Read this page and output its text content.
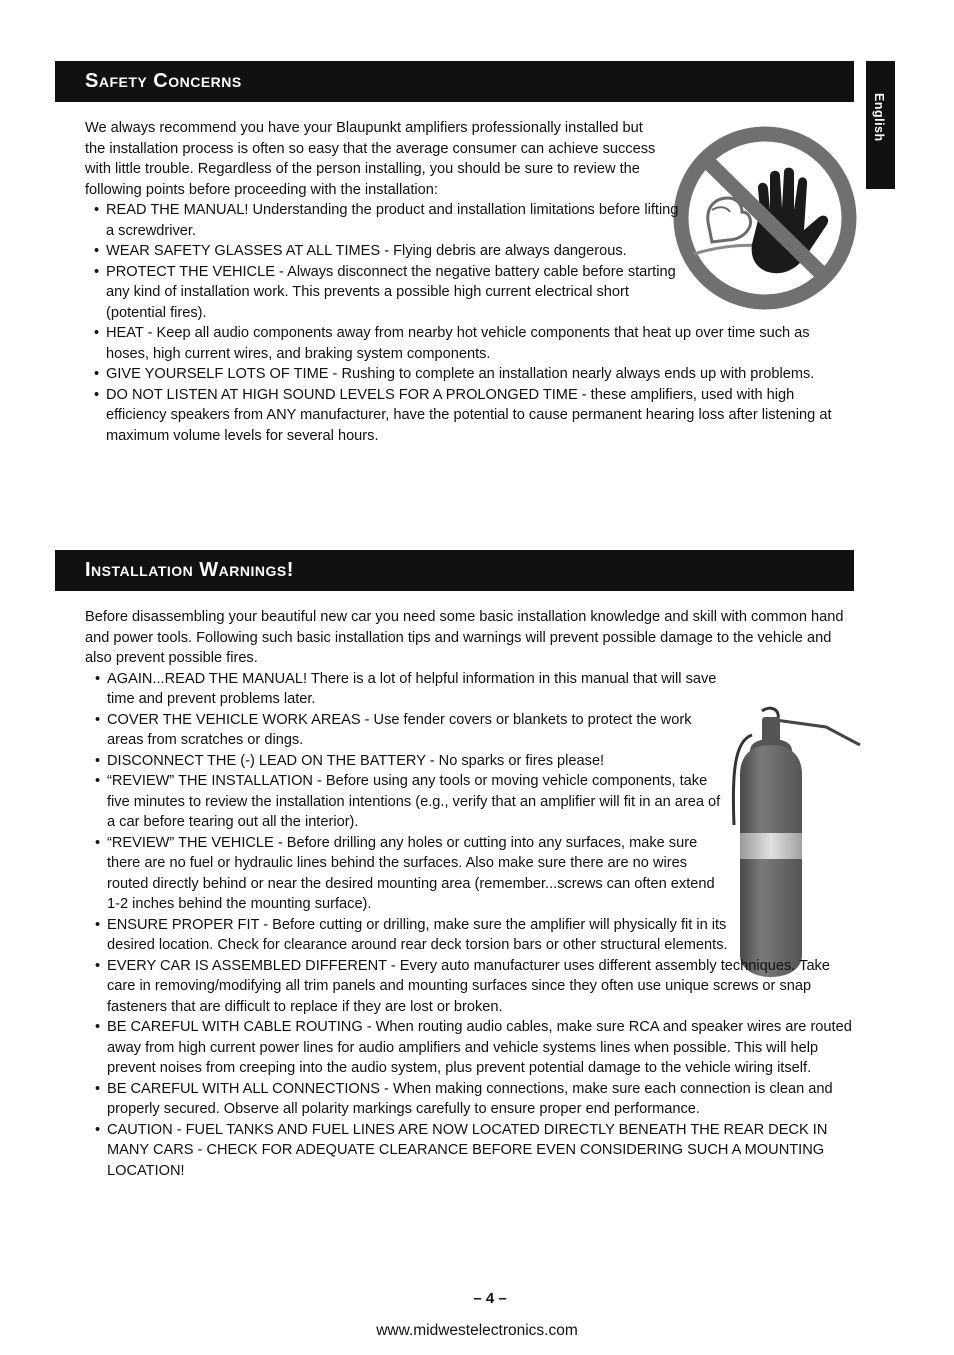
English
Safety Concerns

We always recommend you have your Blaupunkt amplifiers professionally installed but the installation process is often so easy that the average consumer can achieve success with little trouble. Regardless of the person installing, you should be sure to review the following points before proceeding with the installation:

• READ THE MANUAL! Understanding the product and installation limitations before lifting a screwdriver.
• WEAR SAFETY GLASSES AT ALL TIMES - Flying debris are always dangerous.
• PROTECT THE VEHICLE - Always disconnect the negative battery cable before starting any kind of installation work. This prevents a possible high current electrical short (potential fires).
• HEAT - Keep all audio components away from nearby hot vehicle components that heat up over time such as hoses, high current wires, and braking system components.
• GIVE YOURSELF LOTS OF TIME - Rushing to complete an installation nearly always ends up with problems.
• DO NOT LISTEN AT HIGH SOUND LEVELS FOR A PROLONGED TIME - these amplifiers, used with high efficiency speakers from ANY manufacturer, have the potential to cause permanent hearing loss after listening at maximum volume levels for several hours.
Installation Warnings!

Before disassembling your beautiful new car you need some basic installation knowledge and skill with common hand and power tools. Following such basic installation tips and warnings will prevent possible damage to the vehicle and also prevent possible fires.

• AGAIN...READ THE MANUAL! There is a lot of helpful information in this manual that will save time and prevent problems later.
• COVER THE VEHICLE WORK AREAS - Use fender covers or blankets to protect the work areas from scratches or dings.
• DISCONNECT THE (-) LEAD ON THE BATTERY - No sparks or fires please!
• “REVIEW” THE INSTALLATION - Before using any tools or moving vehicle components, take five minutes to review the installation intentions (e.g., verify that an amplifier will fit in an area of a car before tearing out all the interior).
• “REVIEW” THE VEHICLE - Before drilling any holes or cutting into any surfaces, make sure there are no fuel or hydraulic lines behind the surfaces. Also make sure there are no wires routed directly behind or near the desired mounting area (remember...screws can often extend 1-2 inches behind the mounting surface).
• ENSURE PROPER FIT - Before cutting or drilling, make sure the amplifier will physically fit in its desired location. Check for clearance around rear deck torsion bars or other structural elements.
• EVERY CAR IS ASSEMBLED DIFFERENT - Every auto manufacturer uses different assembly techniques. Take care in removing/modifying all trim panels and mounting surfaces since they often use unique screws or snap fasteners that are difficult to replace if they are lost or broken.
• BE CAREFUL WITH CABLE ROUTING - When routing audio cables, make sure RCA and speaker wires are routed away from high current power lines for audio amplifiers and vehicle systems lines when possible. This will help prevent noises from creeping into the audio system, plus prevent potential damage to the vehicle wiring itself.
• BE CAREFUL WITH ALL CONNECTIONS - When making connections, make sure each connection is clean and properly secured. Observe all polarity markings carefully to ensure proper end performance.
• CAUTION - FUEL TANKS AND FUEL LINES ARE NOW LOCATED DIRECTLY BENEATH THE REAR DECK IN MANY CARS - CHECK FOR ADEQUATE CLEARANCE BEFORE EVEN CONSIDERING SUCH A MOUNTING LOCATION!
– 4 –
www.midwestelectronics.com
